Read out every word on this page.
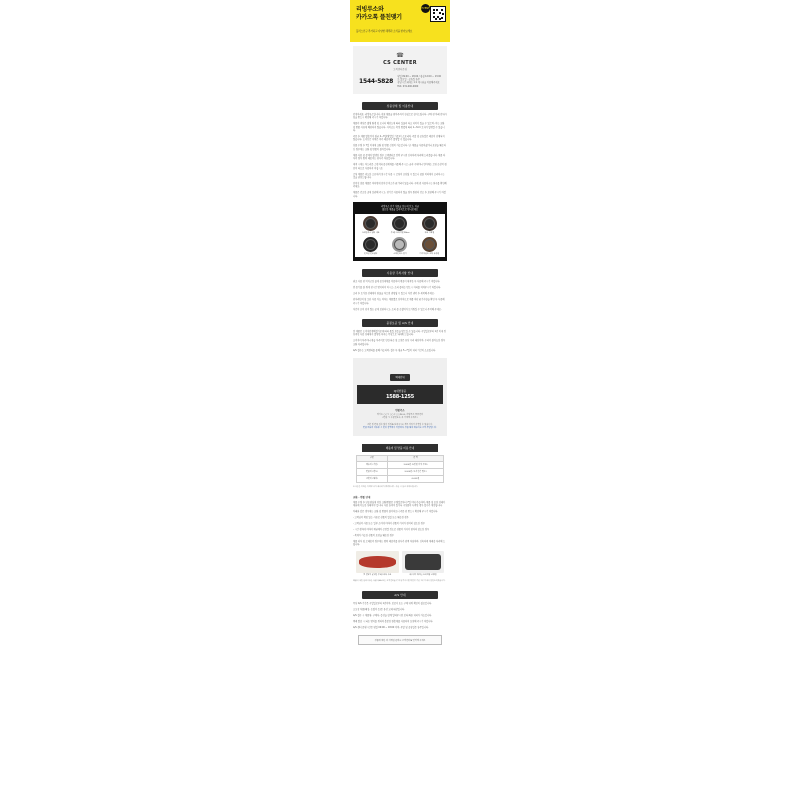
리빙루소와
카카오톡 플친맺기
플러스친구 추가하고 다양한 혜택과 소식을 받아보세요
EVENT
☎
CS CENTER
고객센터운영
1544-5828
평일 09:00 ~ 18:00 / 점심 12:00 ~ 13:00
토·일요일 · 공휴일 휴무
상담시간 외에는 1:1 게시판을 이용해주세요
FAX. 031-000-0000
상품상세 및 이용안내

안녕하세요, 리빙루소입니다. 저희 제품을 찾아주셔서 진심으로 감사드립니다. 구매 전 아래 안내사항을 반드시 확인해 주시기 바랍니다.

제품의 색상은 촬영 환경 및 모니터 해상도에 따라 실물과 다소 차이가 있을 수 있으며, 이는 교환 및 반품 사유에 해당하지 않습니다. 사이즈는 측정 방법에 따라 1~3cm 오차가 발생할 수 있습니다.

주문 후 제품 발송까지 평균 2~3일(영업일 기준)이 소요되며, 주말 및 공휴일은 배송이 진행되지 않습니다. 도서산간 지역은 추가 배송비가 발생할 수 있습니다.

상품 수령 후 7일 이내에 교환 및 반품 신청이 가능합니다. 단, 제품을 사용하셨거나 포장을 훼손하신 경우에는 교환 및 반품이 불가합니다.

제품 사용 중 문제가 발생한 경우 고객센터로 연락 주시면 신속하게 처리해 드리겠습니다. 제품 하자의 경우 왕복 배송비는 당사가 부담합니다.

세척 시에는 부드러운 스펀지와 중성세제를 사용해 주시고, 금속 수세미나 연마제는 코팅 손상의 원인이 되므로 사용하지 마십시오.

코팅 제품은 과도한 고온에서 장시간 사용 시 코팅이 손상될 수 있으니 중불 이하에서 조리하시는 것을 권장드립니다.

인덕션 겸용 제품은 바닥면에 인덕션 마크가 표기되어 있습니다. 구매 전 사용하시는 화구를 확인해 주세요.

제품은 건조한 곳에 보관해 주시고, 장기간 사용하지 않을 경우 완전히 건조 후 보관해 주시기 바랍니다.

리빙루소 인기 상품을 한눈에 보고, 지금
필요한 제품을 합리적으로 만나보세요
스테인리스 냄비 세트	통3중 프라이팬 28cm	무쇠 그릴팬
인덕션 전골냄비	스테인리스 찜기	다이아몬드 코팅 궁중팬
사용상 주의사항 안내

최초 사용 전 미지근한 물에 중성세제를 이용하여 깨끗이 세척한 후 사용해 주시기 바랍니다.

빈 용기를 불 위에 장시간 방치하지 마시고, 조리 중에는 반드시 자리를 지켜주시기 바랍니다.

조리 후 뜨거운 상태에서 찬물을 부으면 변형될 수 있으니 자연 냉각 후 세척해 주세요.

전자레인지 및 오븐 사용 가능 여부는 제품별로 상이하므로 제품 하단 표기사항을 확인 후 사용해 주시기 바랍니다.

어린이 손이 닿지 않는 곳에 보관하시고, 조리 중 손잡이가 뜨거워질 수 있으니 주의해 주세요.

품질보증 및 A/S 안내

본 제품은 소비자분쟁해결기준에 따라 품질 보증을 받으실 수 있습니다. 구입일로부터 1년 이내 정상적인 사용 상태에서 발생한 하자는 무상으로 처리해 드립니다.

소비자의 부주의나 취급 부주의로 인한 파손 및 고장은 유상 수리 대상이며, 수리가 불가능한 경우 교환 처리됩니다.

A/S 접수는 고객센터를 통해 가능하며, 접수 후 평균 5~7일의 처리 기간이 소요됩니다.

택배안내
CJ대한통운
1588-1255
반품주소
경기도 ○○시 ○○구 ○○로 00, 리빙루소 물류센터
(반품 시 주문번호를 꼭 기재해 주세요)
교환 및 반품 접수 없이 임의로 보내주시는 경우 처리가 지연될 수 있습니다.
반품 배송비 미동봉 시 환불 금액에서 차감되며, 상품 왕복 배송비는 고객 부담입니다.
배송비 및 반품 비용 안내
구분	금 액
배송비 (기본)	3,000원 (5만원 이상 무료)
반품비 (편도)	3,000원 (도서산간 별도)
교환비 (왕복)	6,000원
도서산간 지역은 지역별 추가 배송비가 발생합니다. 주문 시 참고 부탁드립니다.
교환 · 반품 안내

제품 수령 후 단순변심에 의한 교환/반품은 수령일로부터 7일 이내 가능하며, 제품 및 포장 상태가 재판매 가능한 상태여야 합니다. 사용 흔적이 있거나 구성품이 누락된 경우 접수가 제한됩니다.

아래와 같은 경우에는 교환 및 반품이 불가하오니 주문 전 반드시 확인해 주시기 바랍니다.

- 고객님의 책임 있는 사유로 상품이 멸실 또는 훼손된 경우

- 고객님의 사용 또는 일부 소비에 의하여 상품의 가치가 현저히 감소한 경우

- 시간 경과에 의하여 재판매가 곤란할 정도로 상품의 가치가 현저히 감소한 경우

- 복제가 가능한 상품의 포장을 훼손한 경우

제품 하자 및 오배송의 경우에는 왕복 배송비를 당사가 전액 부담하며, 신속하게 재배송 처리해 드립니다.

열 전달이 균일한 통3중 바닥 구조	내구성이 뛰어난 프리미엄 코팅면
제품에 대한 문의사항은 상품 Q&A 또는 고객센터를 통해 남겨주시면 영업일 기준 1일 이내에 답변드리겠습니다.
A/S 안내

무상 A/S 기간은 구입일로부터 1년이며, 보증서 또는 구매 내역 확인이 필요합니다.

소모성 부품(패킹, 손잡이 등)은 유상 교체 대상입니다.

A/S 접수 시 제품명, 구매처, 증상을 함께 알려주시면 보다 빠른 처리가 가능합니다.

택배 발송 시 파손 방지를 위하여 충분한 완충재를 사용하여 포장해 주시기 바랍니다.

A/S 센터 운영시간은 평일 09:00 ~ 18:00 이며, 주말 및 공휴일은 휴무입니다.

상품에 대한 더 자세한 문의는 고객센터로 연락해 주세요
